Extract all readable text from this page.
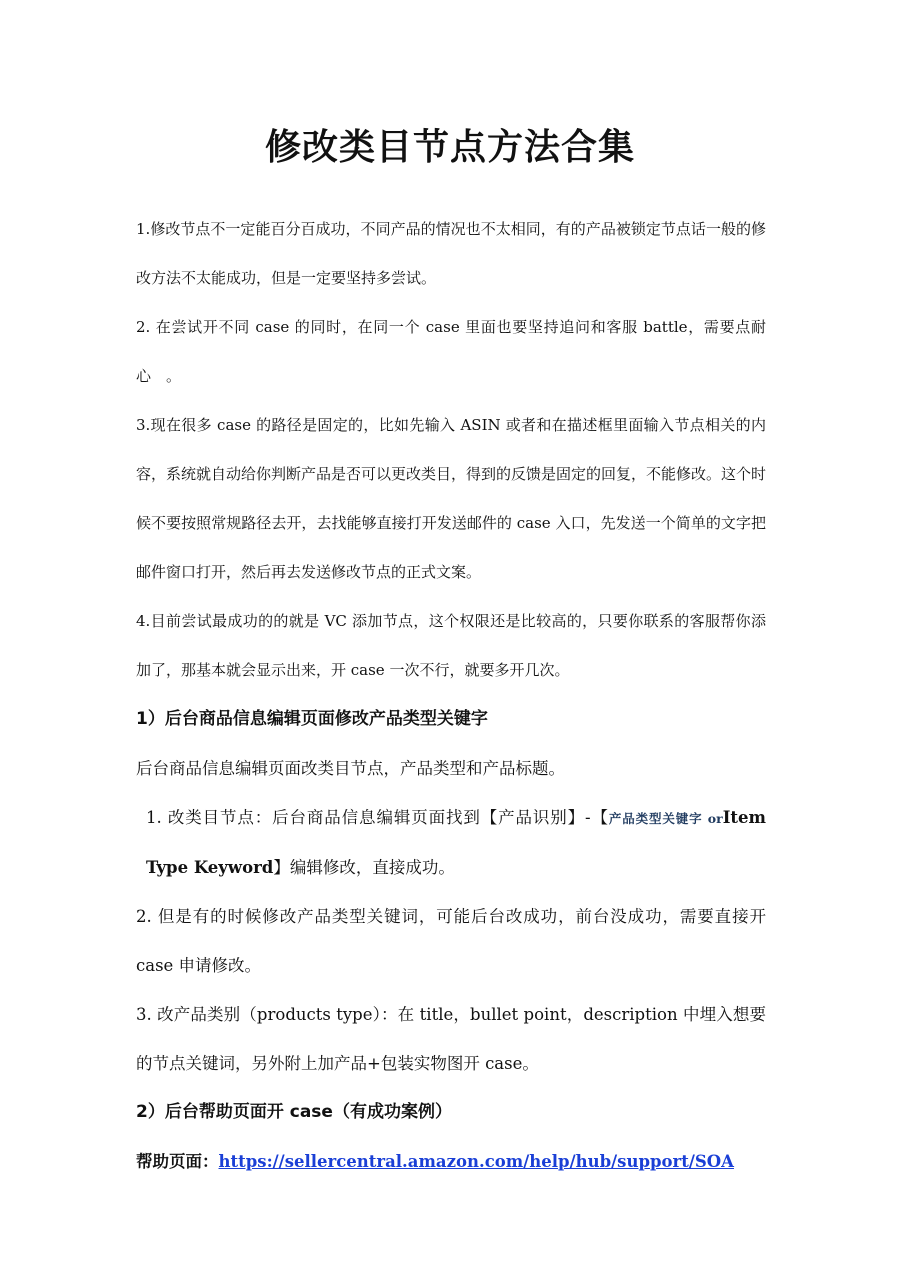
修改类目节点方法合集

1.修改节点不一定能百分百成功，不同产品的情况也不太相同，有的产品被锁定节点话一般的修改方法不太能成功，但是一定要坚持多尝试。

2. 在尝试开不同 case 的同时，在同一个 case 里面也要坚持追问和客服 battle，需要点耐心　。

3.现在很多 case 的路径是固定的，比如先输入 ASIN 或者和在描述框里面输入节点相关的内容，系统就自动给你判断产品是否可以更改类目，得到的反馈是固定的回复，不能修改。这个时候不要按照常规路径去开，去找能够直接打开发送邮件的 case 入口，先发送一个简单的文字把邮件窗口打开，然后再去发送修改节点的正式文案。

4.目前尝试最成功的的就是 VC 添加节点，这个权限还是比较高的，只要你联系的客服帮你添加了，那基本就会显示出来，开 case 一次不行，就要多开几次。

1）后台商品信息编辑页面修改产品类型关键字

后台商品信息编辑页面改类目节点，产品类型和产品标题。

1. 改类目节点：后台商品信息编辑页面找到【产品识别】-【产品类型关键字 orItem Type Keyword】编辑修改，直接成功。

2. 但是有的时候修改产品类型关键词，可能后台改成功，前台没成功，需要直接开 case 申请修改。

3. 改产品类别（products type）：在 title，bullet point，description 中埋入想要的节点关键词，另外附上加产品+包装实物图开 case。

2）后台帮助页面开 case（有成功案例）

帮助页面：https://sellercentral.amazon.com/help/hub/support/SOA
